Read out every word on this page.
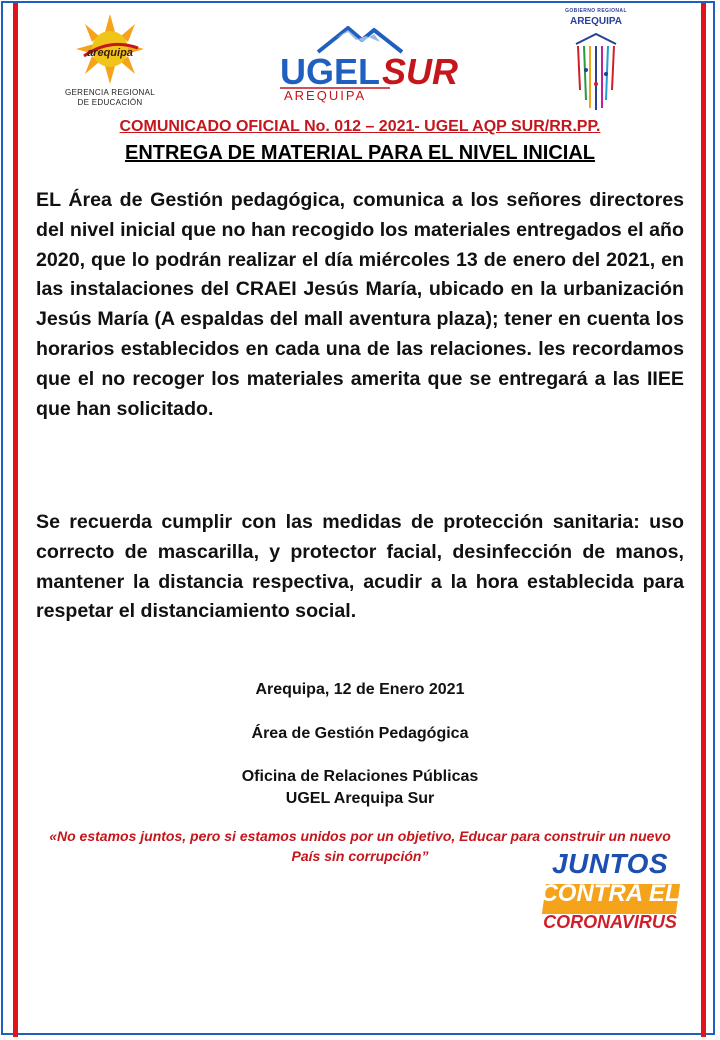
arequipa
GERENCIA REGIONAL
DE EDUCACIÓN
UGEL SUR
AREQUIPA
GOBIERNO REGIONAL
AREQUIPA
COMUNICADO OFICIAL No. 012 – 2021- UGEL AQP SUR/RR.PP.
ENTREGA DE MATERIAL PARA EL NIVEL INICIAL

EL Área de Gestión pedagógica, comunica a los señores directores del nivel inicial que no han recogido los materiales entregados el año 2020, que lo podrán realizar el día miércoles 13 de enero del 2021, en las instalaciones del CRAEI Jesús María, ubicado en la urbanización Jesús María (A espaldas del mall aventura plaza); tener en cuenta los horarios establecidos en cada una de las relaciones. les recordamos que el no recoger los materiales amerita que se entregará a las IIEE que han solicitado.

Se recuerda cumplir con las medidas de protección sanitaria: uso correcto de mascarilla, y protector facial, desinfección de manos, mantener la distancia respectiva, acudir a la hora establecida para respetar el distanciamiento social.

Arequipa, 12 de Enero 2021
Área de Gestión Pedagógica
Oficina de Relaciones Públicas
UGEL Arequipa Sur
«No estamos juntos, pero si estamos unidos por un objetivo, Educar para construir un nuevo País sin corrupción”	JUNTOS
CONTRA EL
CORONAVIRUS
